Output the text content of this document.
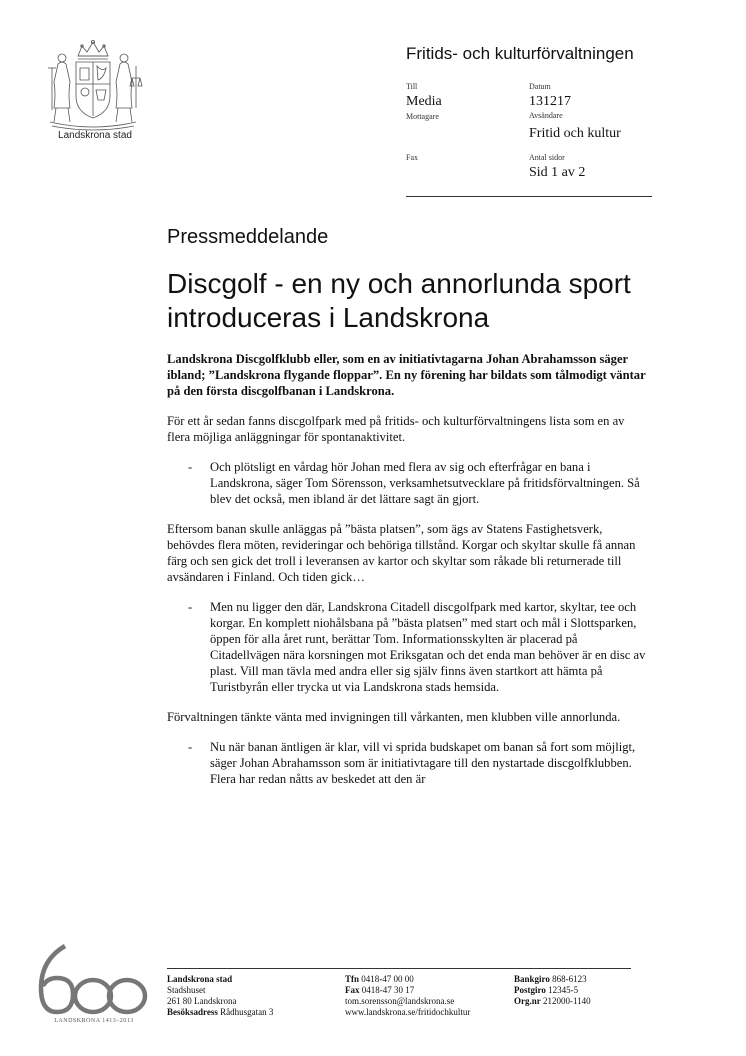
Landskrona stad
Fritids- och kulturförvaltningen
Till
Media
Mottagare
Datum
131217
Avsändare
Fritid och kultur
Fax	Antal sidor
Sid 1 av 2
Pressmeddelande
Discgolf - en ny och annorlunda sport introduceras i Landskrona

Landskrona Discgolfklubb eller, som en av initiativtagarna Johan Abrahamsson säger ibland; ”Landskrona flygande floppar”. En ny förening har bildats som tålmodigt väntar på den första discgolfbanan i Landskrona.

För ett år sedan fanns discgolfpark med på fritids- och kulturförvaltningens lista som en av flera möjliga anläggningar för spontanaktivitet.

- Och plötsligt en vårdag hör Johan med flera av sig och efterfrågar en bana i Landskrona, säger Tom Sörensson, verksamhetsutvecklare på fritidsförvaltningen. Så blev det också, men ibland är det lättare sagt än gjort.

Eftersom banan skulle anläggas på ”bästa platsen”, som ägs av Statens Fastighetsverk, behövdes flera möten, revideringar och behöriga tillstånd. Korgar och skyltar skulle få annan färg och sen gick det troll i leveransen av kartor och skyltar som råkade bli returnerade till avsändaren i Finland. Och tiden gick…

- Men nu ligger den där, Landskrona Citadell discgolfpark med kartor, skyltar, tee och korgar. En komplett niohålsbana på ”bästa platsen” med start och mål i Slottsparken, öppen för alla året runt, berättar Tom. Informationsskylten är placerad på Citadellvägen nära korsningen mot Eriksgatan och det enda man behöver är en disc av plast. Vill man tävla med andra eller sig själv finns även startkort att hämta på Turistbyrån eller trycka ut via Landskrona stads hemsida.

Förvaltningen tänkte vänta med invigningen till vårkanten, men klubben ville annorlunda.

- Nu när banan äntligen är klar, vill vi sprida budskapet om banan så fort som möjligt, säger Johan Abrahamsson som är initiativtagare till den nystartade discgolfklubben. Flera har redan nåtts av beskedet att den är
LANDSKRONA 1413–2013
Landskrona stad
Stadshuset
261 80 Landskrona
Besöksadress Rådhusgatan 3
Tfn 0418-47 00 00
Fax 0418-47 30 17
tom.sorensson@landskrona.se
www.landskrona.se/fritidochkultur
Bankgiro 868-6123
Postgiro 12345-5
Org.nr 212000-1140
